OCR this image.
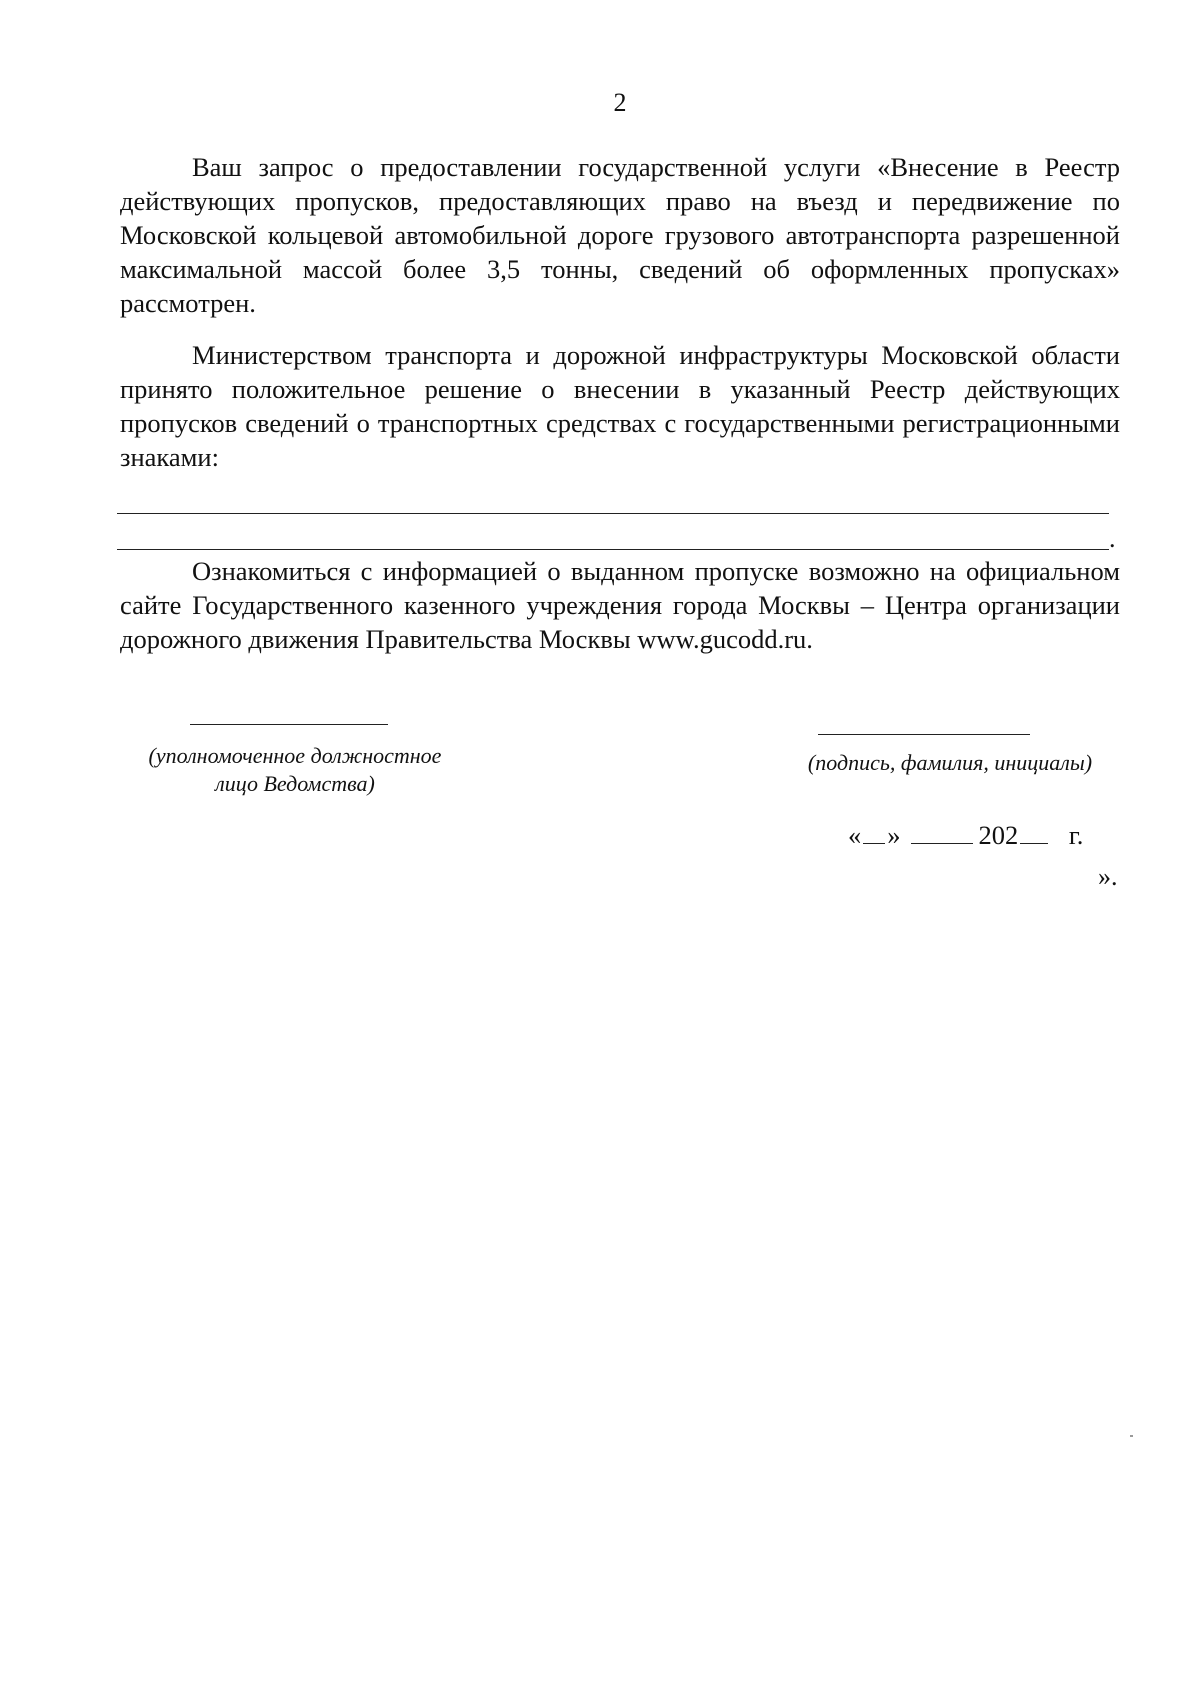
2

Ваш запрос о предоставлении государственной услуги «Внесение в Реестр действующих пропусков, предоставляющих право на въезд и передвижение по Московской кольцевой автомобильной дороге грузового автотранспорта разрешенной максимальной массой более 3,5 тонны, сведений об оформленных пропусках» рассмотрен.

Министерством транспорта и дорожной инфраструктуры Московской области принято положительное решение о внесении в указанный Реестр действующих пропусков сведений о транспортных средствах с государственными регистрационными знаками:

.

Ознакомиться с информацией о выданном пропуске возможно на официальном сайте Государственного казенного учреждения города Москвы – Центра организации дорожного движения Правительства Москвы www.gucodd.ru.

(уполномоченное должностное
лицо Ведомства)
(подпись, фамилия, инициалы)
« »	202 г.
».
